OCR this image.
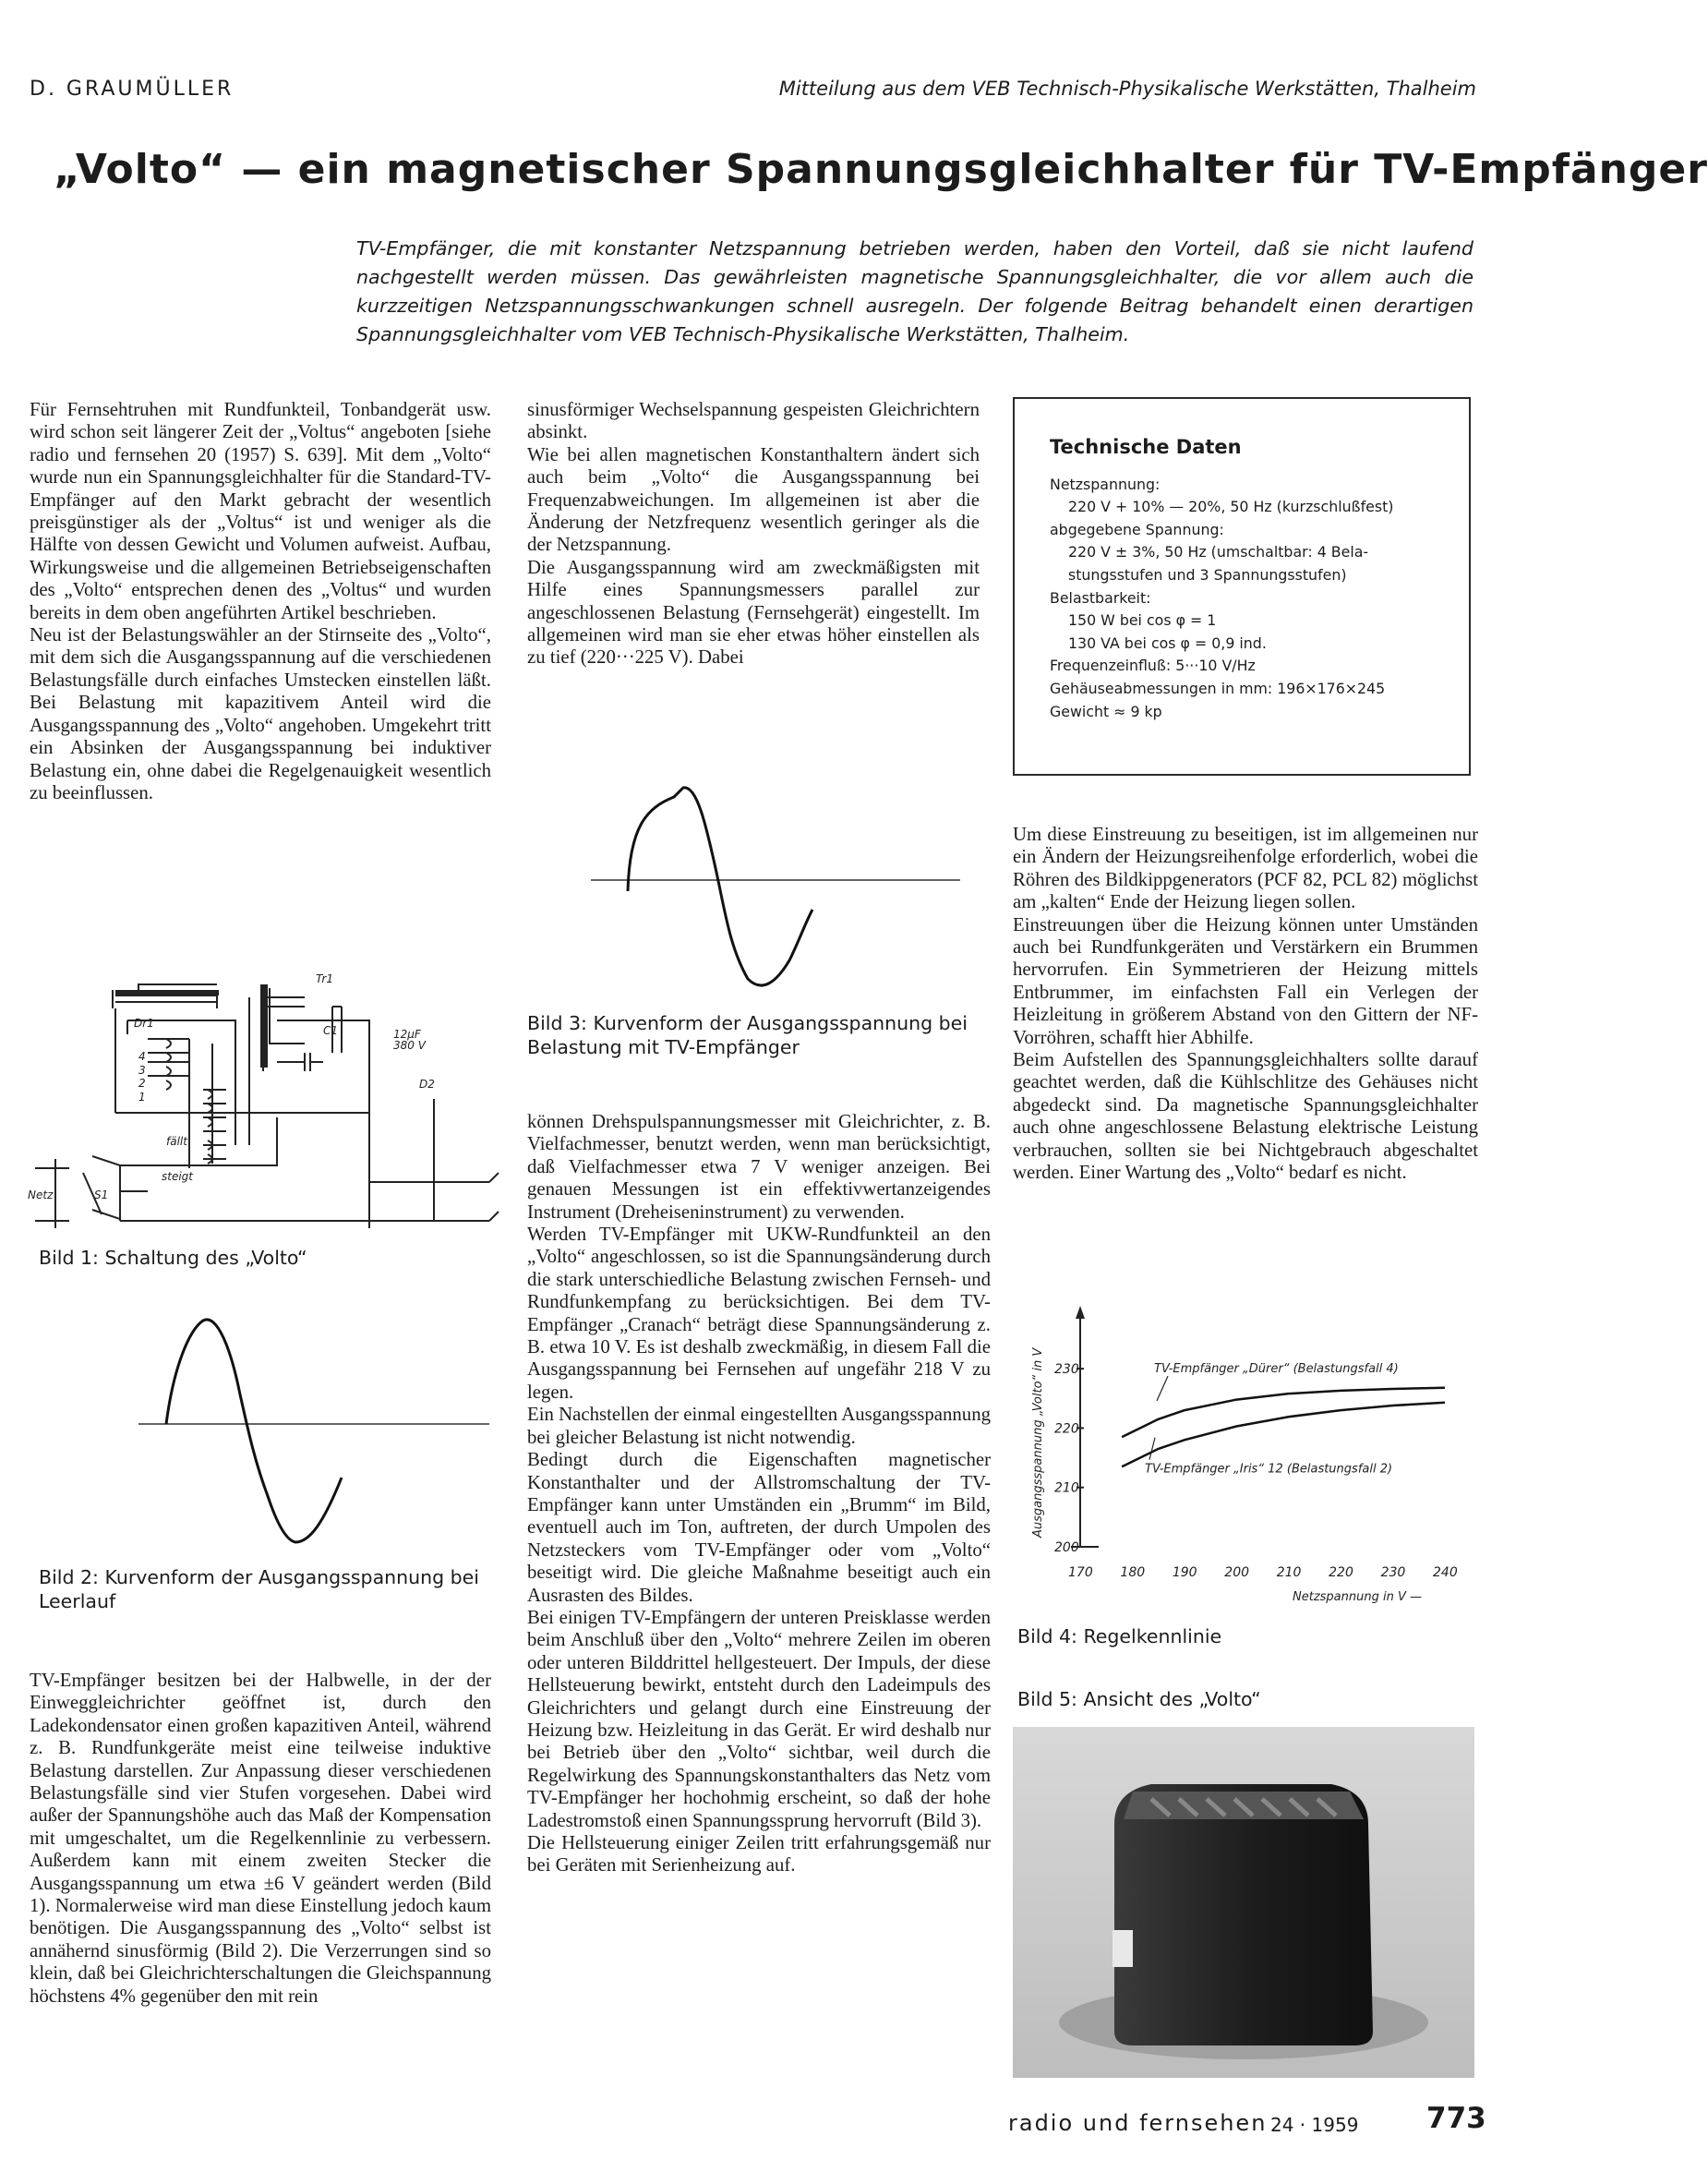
D. GRAUMÜLLER	Mitteilung aus dem VEB Technisch-Physikalische Werkstätten, Thalheim
„Volto“ — ein magnetischer Spannungsgleichhalter für TV-Empfänger
TV-Empfänger, die mit konstanter Netzspannung betrieben werden, haben den Vorteil, daß sie nicht laufend nachgestellt werden müssen. Das gewährleisten magnetische Spannungsgleichhalter, die vor allem auch die kurzzeitigen Netzspannungsschwankungen schnell ausregeln. Der folgende Beitrag behandelt einen derartigen Spannungsgleichhalter vom VEB Technisch-Physikalische Werkstätten, Thalheim.

Für Fernsehtruhen mit Rundfunkteil, Tonbandgerät usw. wird schon seit längerer Zeit der „Voltus“ angeboten [siehe radio und fernsehen 20 (1957) S. 639]. Mit dem „Volto“ wurde nun ein Spannungsgleichhalter für die Standard-TV-Empfänger auf den Markt gebracht der wesentlich preisgünstiger als der „Voltus“ ist und weniger als die Hälfte von dessen Gewicht und Volumen aufweist. Aufbau, Wirkungsweise und die allgemeinen Betriebseigenschaften des „Volto“ entsprechen denen des „Voltus“ und wurden bereits in dem oben angeführten Artikel beschrieben.

Neu ist der Belastungswähler an der Stirnseite des „Volto“, mit dem sich die Ausgangsspannung auf die verschiedenen Belastungsfälle durch einfaches Umstecken einstellen läßt. Bei Belastung mit kapazitivem Anteil wird die Ausgangsspannung des „Volto“ angehoben. Umgekehrt tritt ein Absinken der Ausgangsspannung bei induktiver Belastung ein, ohne dabei die Regelgenauigkeit wesentlich zu beeinflussen.

Tr1
Dr1
C1	12μF
380 V
D2
4
3
2
1
fällt
steigt
Netz	S1
Bild 1: Schaltung des „Volto“
Bild 2: Kurvenform der Ausgangsspannung bei Leerlauf

TV-Empfänger besitzen bei der Halbwelle, in der der Einweggleichrichter geöffnet ist, durch den Ladekondensator einen großen kapazitiven Anteil, während z. B. Rundfunkgeräte meist eine teilweise induktive Belastung darstellen. Zur Anpassung dieser verschiedenen Belastungsfälle sind vier Stufen vorgesehen. Dabei wird außer der Spannungshöhe auch das Maß der Kompensation mit umgeschaltet, um die Regelkennlinie zu verbessern. Außerdem kann mit einem zweiten Stecker die Ausgangsspannung um etwa ±6 V geändert werden (Bild 1). Normalerweise wird man diese Einstellung jedoch kaum benötigen. Die Ausgangsspannung des „Volto“ selbst ist annähernd sinusförmig (Bild 2). Die Verzerrungen sind so klein, daß bei Gleichrichterschaltungen die Gleichspannung höchstens 4% gegenüber den mit rein

sinusförmiger Wechselspannung gespeisten Gleichrichtern absinkt.

Wie bei allen magnetischen Konstanthaltern ändert sich auch beim „Volto“ die Ausgangsspannung bei Frequenzabweichungen. Im allgemeinen ist aber die Änderung der Netzfrequenz wesentlich geringer als die der Netzspannung.

Die Ausgangsspannung wird am zweckmäßigsten mit Hilfe eines Spannungsmessers parallel zur angeschlossenen Belastung (Fernsehgerät) eingestellt. Im allgemeinen wird man sie eher etwas höher einstellen als zu tief (220···225 V). Dabei

Bild 3: Kurvenform der Ausgangsspannung bei Belastung mit TV-Empfänger

können Drehspulspannungsmesser mit Gleichrichter, z. B. Vielfachmesser, benutzt werden, wenn man berücksichtigt, daß Vielfachmesser etwa 7 V weniger anzeigen. Bei genauen Messungen ist ein effektivwertanzeigendes Instrument (Dreheiseninstrument) zu verwenden.

Werden TV-Empfänger mit UKW-Rundfunkteil an den „Volto“ angeschlossen, so ist die Spannungsänderung durch die stark unterschiedliche Belastung zwischen Fernseh- und Rundfunkempfang zu berücksichtigen. Bei dem TV-Empfänger „Cranach“ beträgt diese Spannungsänderung z. B. etwa 10 V. Es ist deshalb zweckmäßig, in diesem Fall die Ausgangsspannung bei Fernsehen auf ungefähr 218 V zu legen.

Ein Nachstellen der einmal eingestellten Ausgangsspannung bei gleicher Belastung ist nicht notwendig.

Bedingt durch die Eigenschaften magnetischer Konstanthalter und der Allstromschaltung der TV-Empfänger kann unter Umständen ein „Brumm“ im Bild, eventuell auch im Ton, auftreten, der durch Umpolen des Netzsteckers vom TV-Empfänger oder vom „Volto“ beseitigt wird. Die gleiche Maßnahme beseitigt auch ein Ausrasten des Bildes.

Bei einigen TV-Empfängern der unteren Preisklasse werden beim Anschluß über den „Volto“ mehrere Zeilen im oberen oder unteren Bilddrittel hellgesteuert. Der Impuls, der diese Hellsteuerung bewirkt, entsteht durch den Ladeimpuls des Gleichrichters und gelangt durch eine Einstreuung der Heizung bzw. Heizleitung in das Gerät. Er wird deshalb nur bei Betrieb über den „Volto“ sichtbar, weil durch die Regelwirkung des Spannungskonstanthalters das Netz vom TV-Empfänger her hochohmig erscheint, so daß der hohe Ladestromstoß einen Spannungssprung hervorruft (Bild 3).

Die Hellsteuerung einiger Zeilen tritt erfahrungsgemäß nur bei Geräten mit Serienheizung auf.

Technische Daten
Netzspannung:
220 V + 10% — 20%, 50 Hz (kurzschlußfest)
abgegebene Spannung:
220 V ± 3%, 50 Hz (umschaltbar: 4 Bela-
stungsstufen und 3 Spannungsstufen)
Belastbarkeit:
150 W bei cos φ = 1
130 VA bei cos φ = 0,9 ind.
Frequenzeinfluß: 5···10 V/Hz
Gehäuseabmessungen in mm: 196×176×245
Gewicht ≈ 9 kp

Um diese Einstreuung zu beseitigen, ist im allgemeinen nur ein Ändern der Heizungsreihenfolge erforderlich, wobei die Röhren des Bildkippgenerators (PCF 82, PCL 82) möglichst am „kalten“ Ende der Heizung liegen sollen.

Einstreuungen über die Heizung können unter Umständen auch bei Rundfunkgeräten und Verstärkern ein Brummen hervorrufen. Ein Symmetrieren der Heizung mittels Entbrummer, im einfachsten Fall ein Verlegen der Heizleitung in größerem Abstand von den Gittern der NF-Vorröhren, schafft hier Abhilfe.

Beim Aufstellen des Spannungsgleichhalters sollte darauf geachtet werden, daß die Kühlschlitze des Gehäuses nicht abgedeckt sind. Da magnetische Spannungsgleichhalter auch ohne angeschlossene Belastung elektrische Leistung verbrauchen, sollten sie bei Nichtgebrauch abgeschaltet werden. Einer Wartung des „Volto“ bedarf es nicht.

200
210
220
230
170 180 190 200 210 220 230 240
TV-Empfänger „Dürer“ (Belastungsfall 4)
TV-Empfänger „Iris“ 12 (Belastungsfall 2)
Netzspannung in V —
Ausgangsspannung „Volto“ in V
Bild 4: Regelkennlinie
Bild 5: Ansicht des „Volto“
radio und fernsehen 24 · 1959 773
